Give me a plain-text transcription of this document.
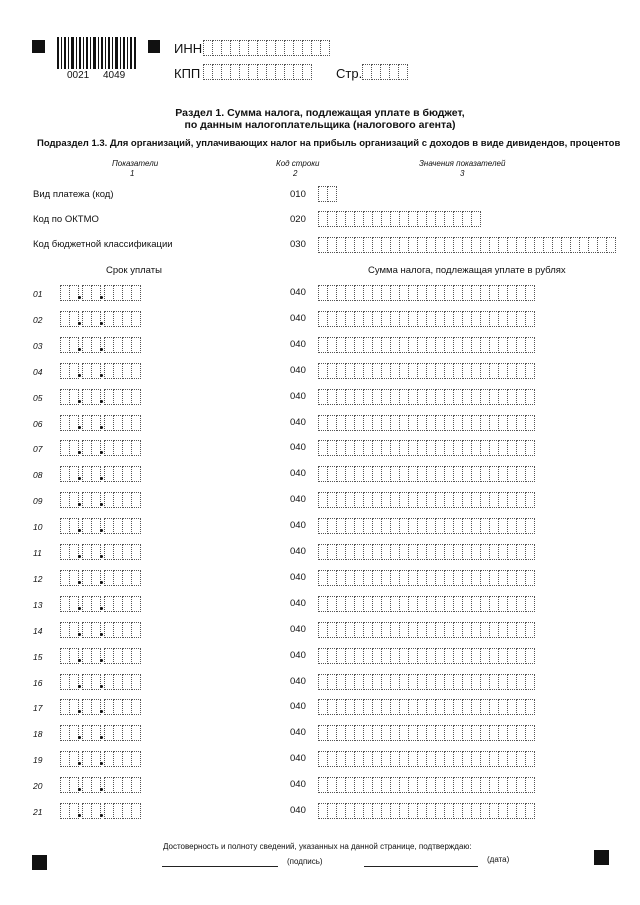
0021 4049
ИНН
КПП	Стр.
Раздел 1. Сумма налога, подлежащая уплате в бюджет,
по данным налогоплательщика (налогового агента)
Подраздел 1.3. Для организаций, уплачивающих налог на прибыль организаций с доходов в виде дивидендов, процентов
Показатели
1
Код строки
2
Значения показателей
3
Вид платежа (код)	010
Код по ОКТМО	020
Код бюджетной классификации	030
Срок уплаты	Сумма налога, подлежащая уплате в рублях
01	040
02	040
03	040
04	040
05	040
06	040
07	040
08	040
09	040
10	040
11	040
12	040
13	040
14	040
15	040
16	040
17	040
18	040
19	040
20	040
21	040
Достоверность и полноту сведений, указанных на данной странице, подтверждаю:
(подпись)	(дата)
